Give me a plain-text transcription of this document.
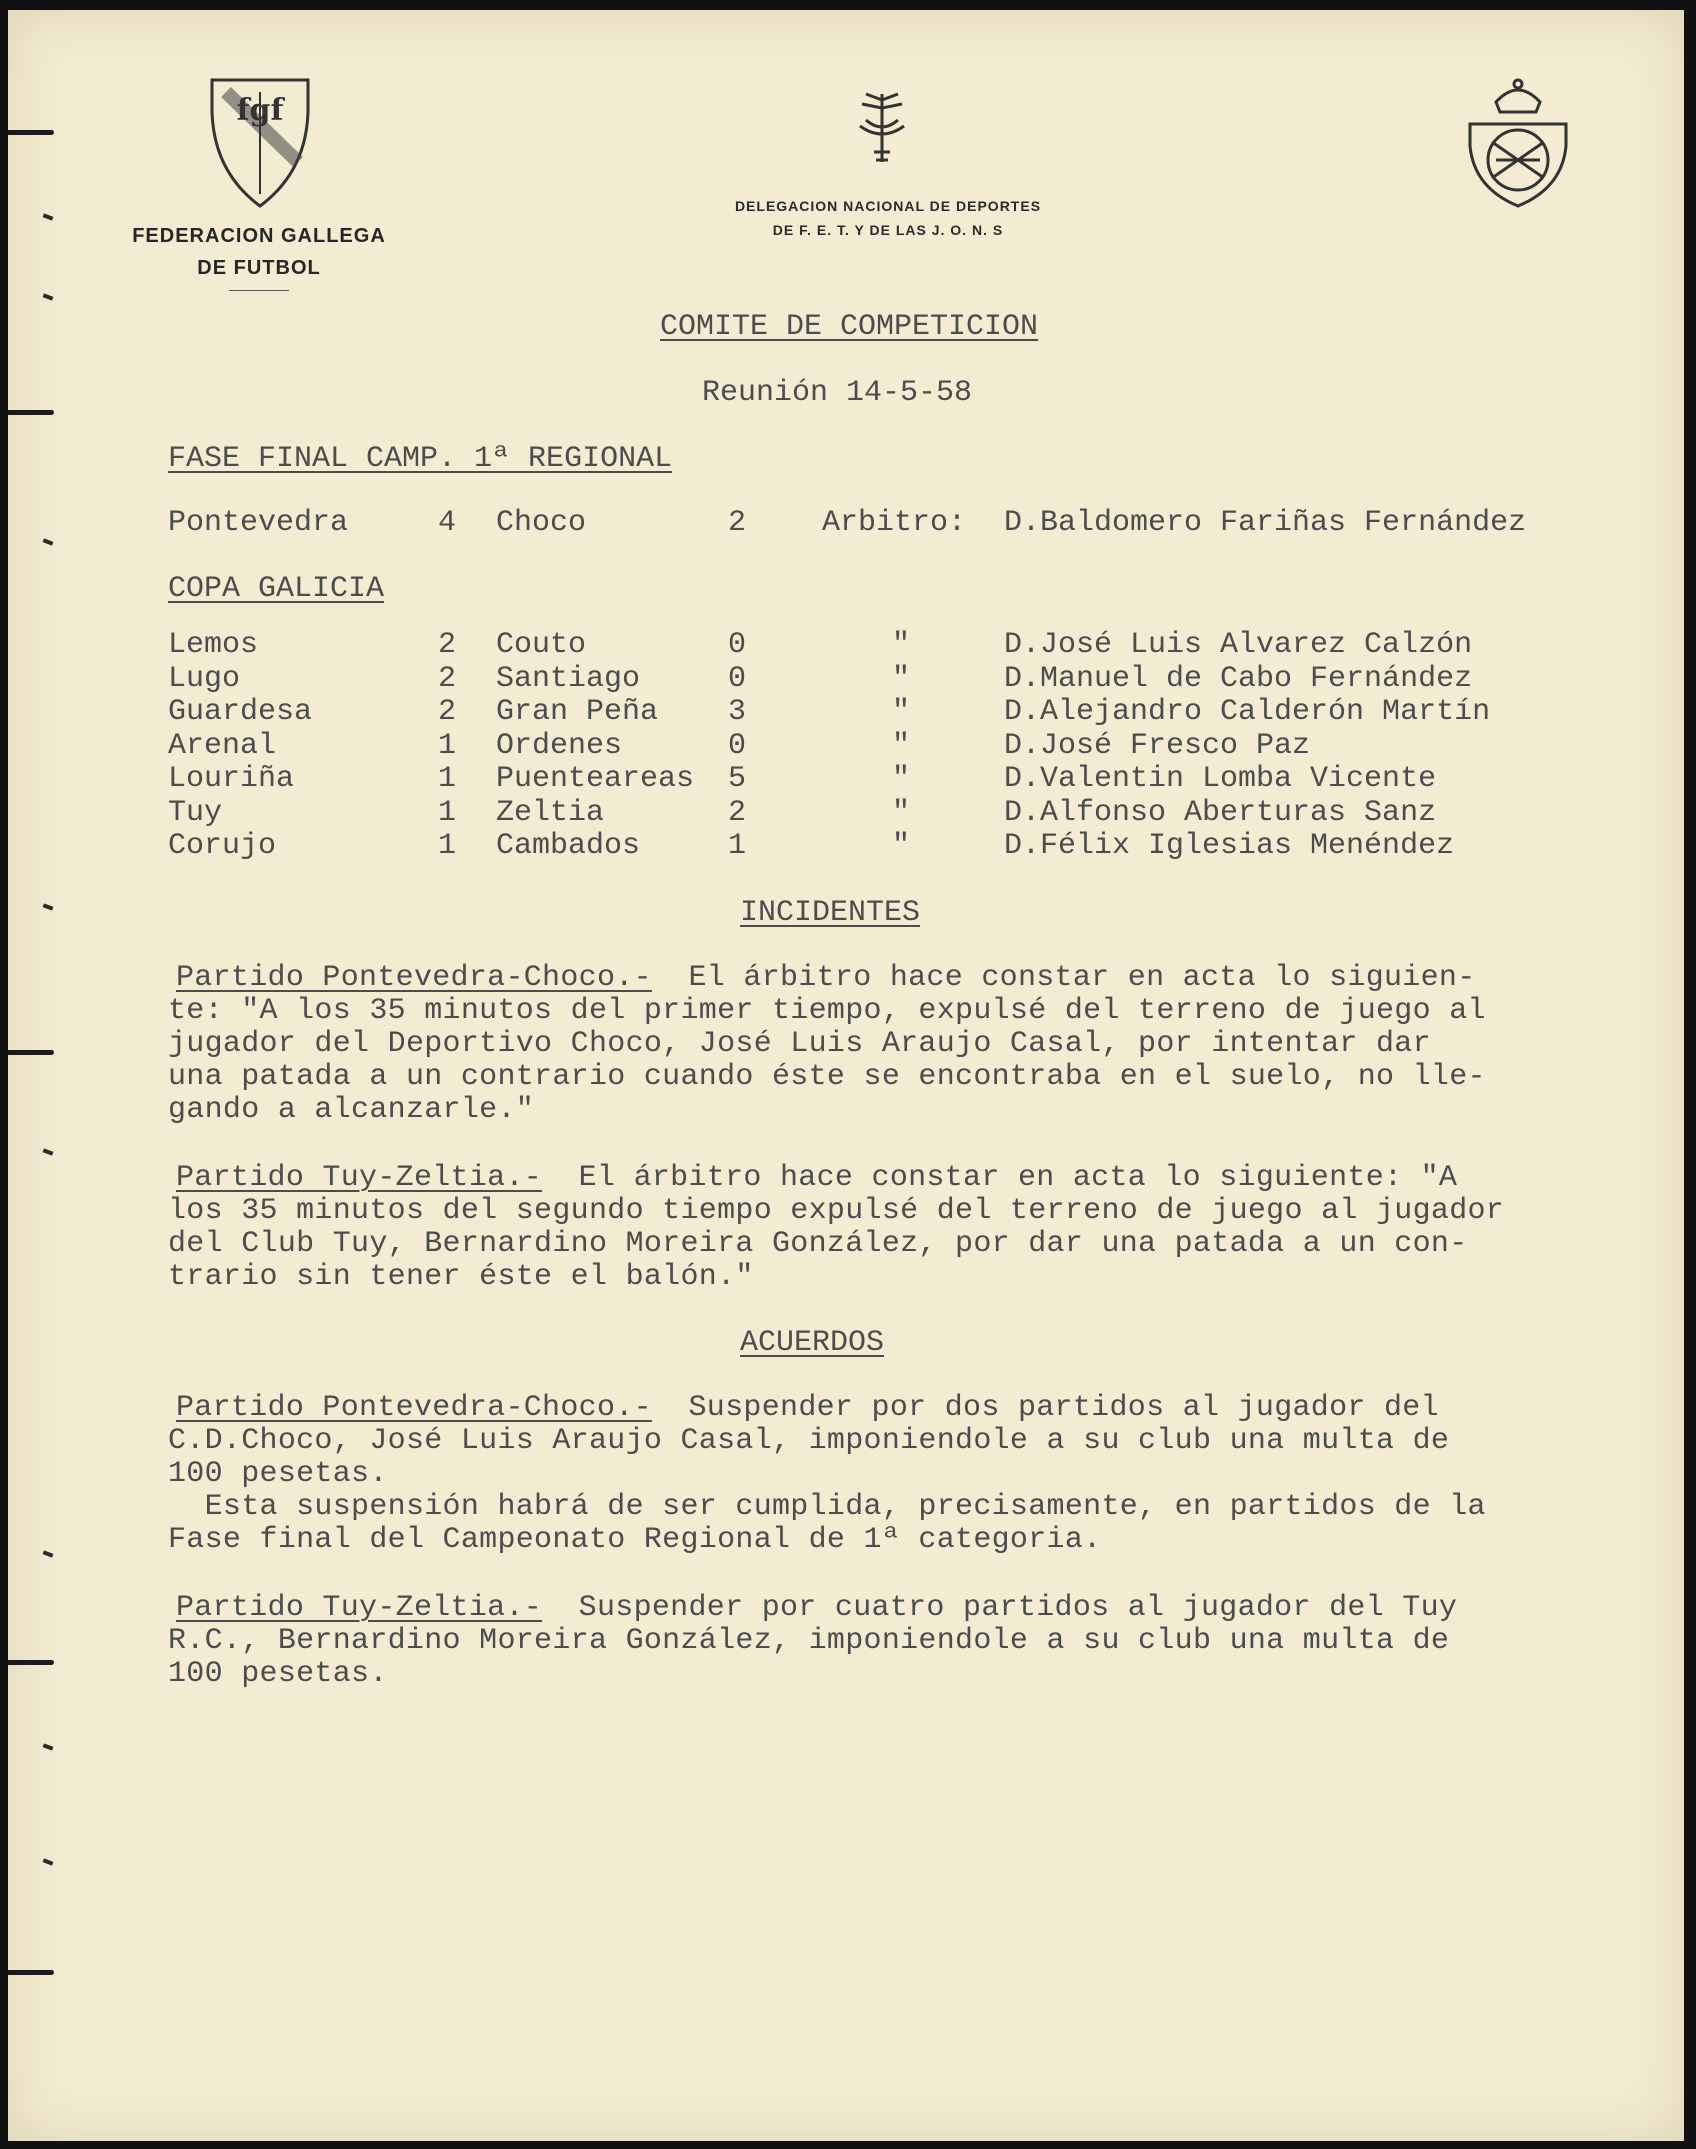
fgf
FEDERACION GALLEGA
DE FUTBOL
DELEGACION NACIONAL DE DEPORTES
DE F. E. T. Y DE LAS J. O. N. S
COMITE DE COMPETICION
Reunión 14-5-58
FASE FINAL CAMP. 1ª REGIONAL
Pontevedra	4 Choco	2	Arbitro: D.Baldomero Fariñas Fernández
COPA GALICIA
Lemos	2 Couto	0	"	D.José Luis Alvarez Calzón
Lugo	2 Santiago	0	"	D.Manuel de Cabo Fernández
Guardesa	2 Gran Peña 3	"	D.Alejandro Calderón Martín
Arenal	1 Ordenes	0	"	D.José Fresco Paz
Louriña	1 Puenteareas 5	"	D.Valentin Lomba Vicente
Tuy	1 Zeltia	2	"	D.Alfonso Aberturas Sanz
Corujo	1 Cambados	1	"	D.Félix Iglesias Menéndez
INCIDENTES
Partido Pontevedra-Choco.-  El árbitro hace constar en acta lo siguien-
te: "A los 35 minutos del primer tiempo, expulsé del terreno de juego al
jugador del Deportivo Choco, José Luis Araujo Casal, por intentar dar
una patada a un contrario cuando éste se encontraba en el suelo, no lle-
gando a alcanzarle."
Partido Tuy-Zeltia.-  El árbitro hace constar en acta lo siguiente: "A
los 35 minutos del segundo tiempo expulsé del terreno de juego al jugador
del Club Tuy, Bernardino Moreira González, por dar una patada a un con-
trario sin tener éste el balón."
ACUERDOS
Partido Pontevedra-Choco.-  Suspender por dos partidos al jugador del
C.D.Choco, José Luis Araujo Casal, imponiendole a su club una multa de
100 pesetas.
Esta suspensión habrá de ser cumplida, precisamente, en partidos de la
Fase final del Campeonato Regional de 1ª categoria.
Partido Tuy-Zeltia.-  Suspender por cuatro partidos al jugador del Tuy
R.C., Bernardino Moreira González, imponiendole a su club una multa de
100 pesetas.
